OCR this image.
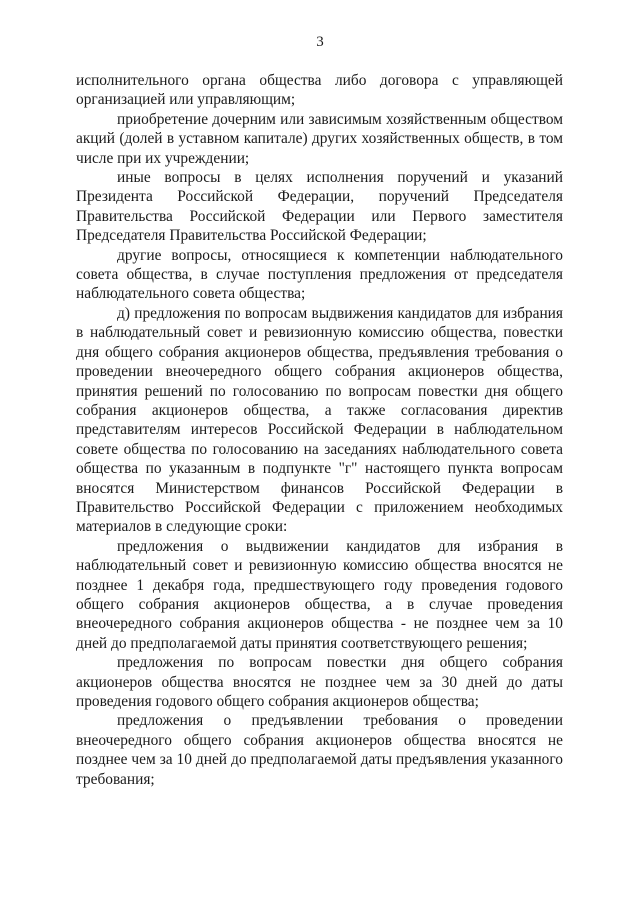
3

исполнительного органа общества либо договора с управляющей организацией или управляющим;

приобретение дочерним или зависимым хозяйственным обществом акций (долей в уставном капитале) других хозяйственных обществ, в том числе при их учреждении;

иные вопросы в целях исполнения поручений и указаний Президента Российской Федерации, поручений Председателя Правительства Российской Федерации или Первого заместителя Председателя Правительства Российской Федерации;

другие вопросы, относящиеся к компетенции наблюдательного совета общества, в случае поступления предложения от председателя наблюдательного совета общества;

д) предложения по вопросам выдвижения кандидатов для избрания в наблюдательный совет и ревизионную комиссию общества, повестки дня общего собрания акционеров общества, предъявления требования о проведении внеочередного общего собрания акционеров общества, принятия решений по голосованию по вопросам повестки дня общего собрания акционеров общества, а также согласования директив представителям интересов Российской Федерации в наблюдательном совете общества по голосованию на заседаниях наблюдательного совета общества по указанным в подпункте "г" настоящего пункта вопросам вносятся Министерством финансов Российской Федерации в Правительство Российской Федерации с приложением необходимых материалов в следующие сроки:

предложения о выдвижении кандидатов для избрания в наблюдательный совет и ревизионную комиссию общества вносятся не позднее 1 декабря года, предшествующего году проведения годового общего собрания акционеров общества, а в случае проведения внеочередного собрания акционеров общества - не позднее чем за 10 дней до предполагаемой даты принятия соответствующего решения;

предложения по вопросам повестки дня общего собрания акционеров общества вносятся не позднее чем за 30 дней до даты проведения годового общего собрания акционеров общества;

предложения о предъявлении требования о проведении внеочередного общего собрания акционеров общества вносятся не позднее чем за 10 дней до предполагаемой даты предъявления указанного требования;
